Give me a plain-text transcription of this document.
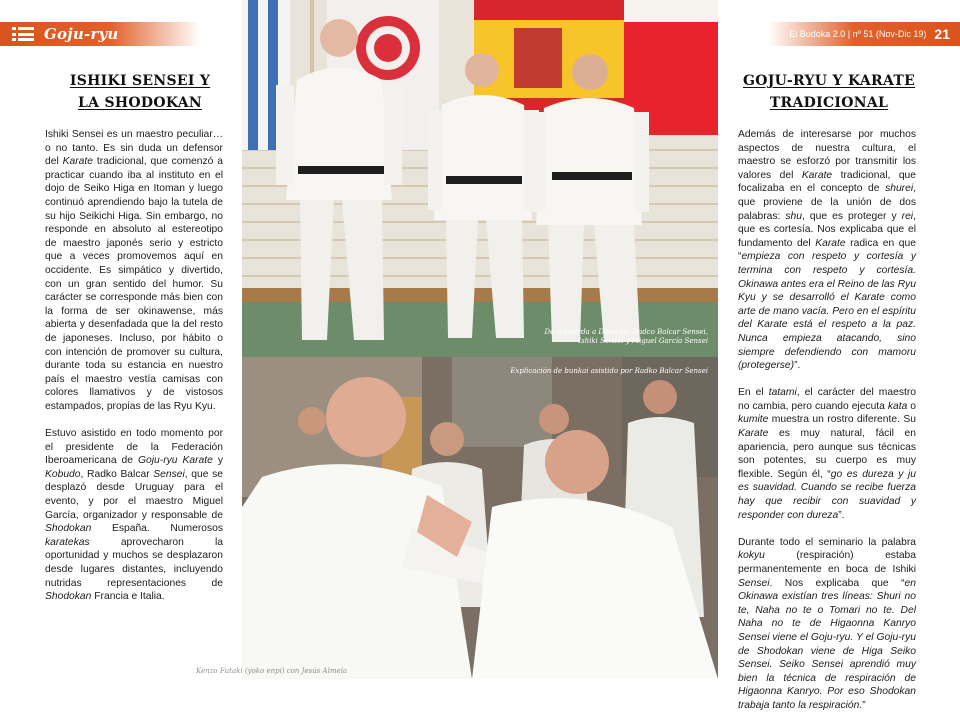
Goju-ryu	El Budoka 2.0 | nº 51 (Nov-Dic 19) 21
ISHIKI SENSEI Y
LA SHODOKAN

Ishiki Sensei es un maestro peculiar… o no tanto. Es sin duda un defensor del Karate tradicional, que comenzó a practicar cuando iba al instituto en el dojo de Seiko Higa en Itoman y luego continuó aprendiendo bajo la tutela de su hijo Seikichi Higa. Sin embargo, no responde en absoluto al estereotipo de maestro japonés serio y estricto que a veces promovemos aquí en occidente. Es simpático y divertido, con un gran sentido del humor. Su carácter se corresponde más bien con la forma de ser okinawense, más abierta y desenfadada que la del resto de japoneses. Incluso, por hábito o con intención de promover su cultura, durante toda su estancia en nuestro país el maestro vestía camisas con colores llamativos y de vistosos estampados, propias de las Ryu Kyu.

Estuvo asistido en todo momento por el presidente de la Federación Iberoamericana de Goju-ryu Karate y Kobudo, Radko Balcar Sensei, que se desplazó desde Uruguay para el evento, y por el maestro Miguel García, organizador y responsable de Shodokan España. Numerosos karatekas aprovecharon la oportunidad y muchos se desplazaron desde lugares distantes, incluyendo nutridas representaciones de Shodokan Francia e Italia.

De izquierda a Derecha, Radco Balcar Sensei,
Ishiki Sensei y Miguel García Sensei
Explicación de bunkai asistido por Radko Balcar Sensei
Kenzo Futaki (yoko enpi) con Jesús Almela
GOJU-RYU Y KARATE
TRADICIONAL

Además de interesarse por muchos aspectos de nuestra cultura, el maestro se esforzó por transmitir los valores del Karate tradicional, que focalizaba en el concepto de shurei, que proviene de la unión de dos palabras: shu, que es proteger y rei, que es cortesía. Nos explicaba que el fundamento del Karate radica en que “empieza con respeto y cortesía y termina con respeto y cortesía. Okinawa antes era el Reino de las Ryu Kyu y se desarrolló el Karate como arte de mano vacía. Pero en el espíritu del Karate está el respeto a la paz. Nunca empieza atacando, sino siempre defendiendo con mamoru (protegerse)”.

En el tatami, el carácter del maestro no cambia, pero cuando ejecuta kata o kumite muestra un rostro diferente. Su Karate es muy natural, fácil en apariencia, pero aunque sus técnicas son potentes, su cuerpo es muy flexible. Según él, “go es dureza y ju es suavidad. Cuando se recibe fuerza hay que recibir con suavidad y responder con dureza”.

Durante todo el seminario la palabra kokyu (respiración) estaba permanentemente en boca de Ishiki Sensei. Nos explicaba que “en Okinawa existían tres líneas: Shuri no te, Naha no te o Tomari no te. Del Naha no te de Higaonna Kanryo Sensei viene el Goju-ryu. Y el Goju-ryu de Shodokan viene de Higa Seiko Sensei. Seiko Sensei aprendió muy bien la técnica de respiración de Higaonna Kanryo. Por eso Shodokan trabaja tanto la respiración.”
